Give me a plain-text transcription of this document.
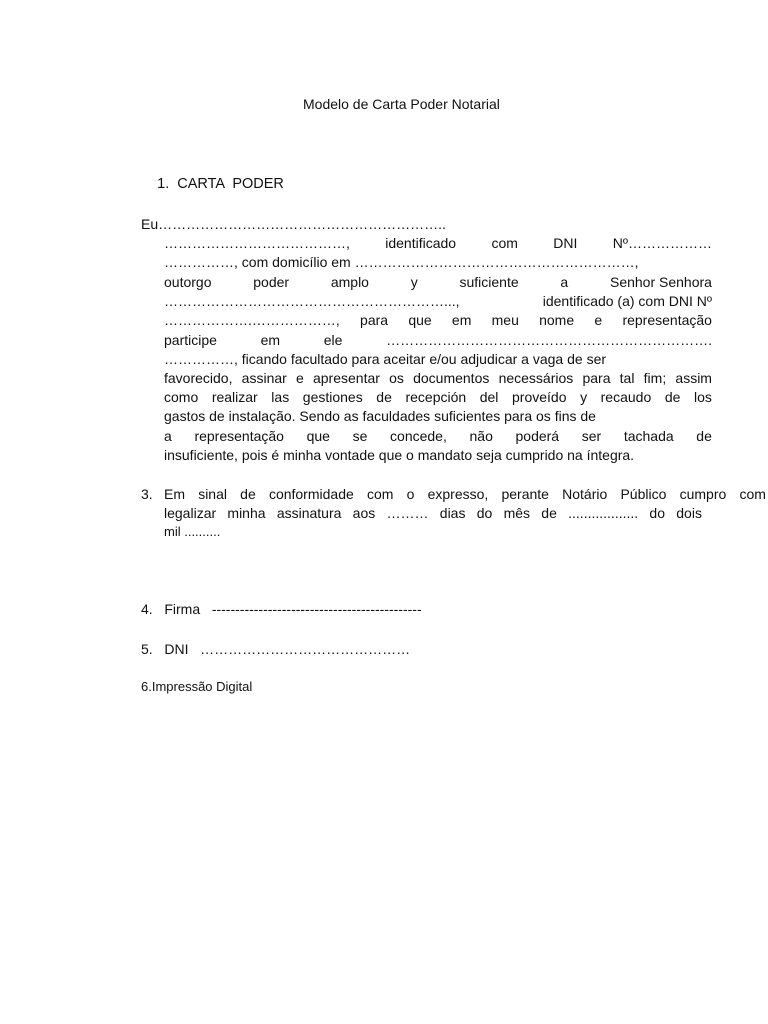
Modelo de Carta Poder Notarial

1. CARTA  PODER

Eu……………………………………………………..

…………………………………,	identificado	com	DNI	Nº………………
……………, com domicílio em ……………………………………………………,
outorgo	poder	amplo	y	suficiente	a	Senhor Senhora
……………………………………………………...,	identificado (a) com DNI Nº
……………….………………, para que em meu nome e representação
participe	em	ele	…………………………………………………………….
……………, ficando facultado para aceitar e/ou adjudicar a vaga de ser
favorecido, assinar e apresentar os documentos necessários para tal fim; assim
como realizar las gestiones de recepción del proveído y recaudo de los
gastos de instalação. Sendo as faculdades suficientes para os fins de
a representação que se concede, não poderá ser tachada de
insuficiente, pois é minha vontade que o mandato seja cumprido na íntegra.

3. Em sinal de conformidade com o expresso, perante Notário Público cumpro com
legalizar minha assinatura aos ……… dias do mês de .................. do dois
mil ..........

4. Firma ---------------------------------------------

5. DNI ………………………………………

6.Impressão Digital
